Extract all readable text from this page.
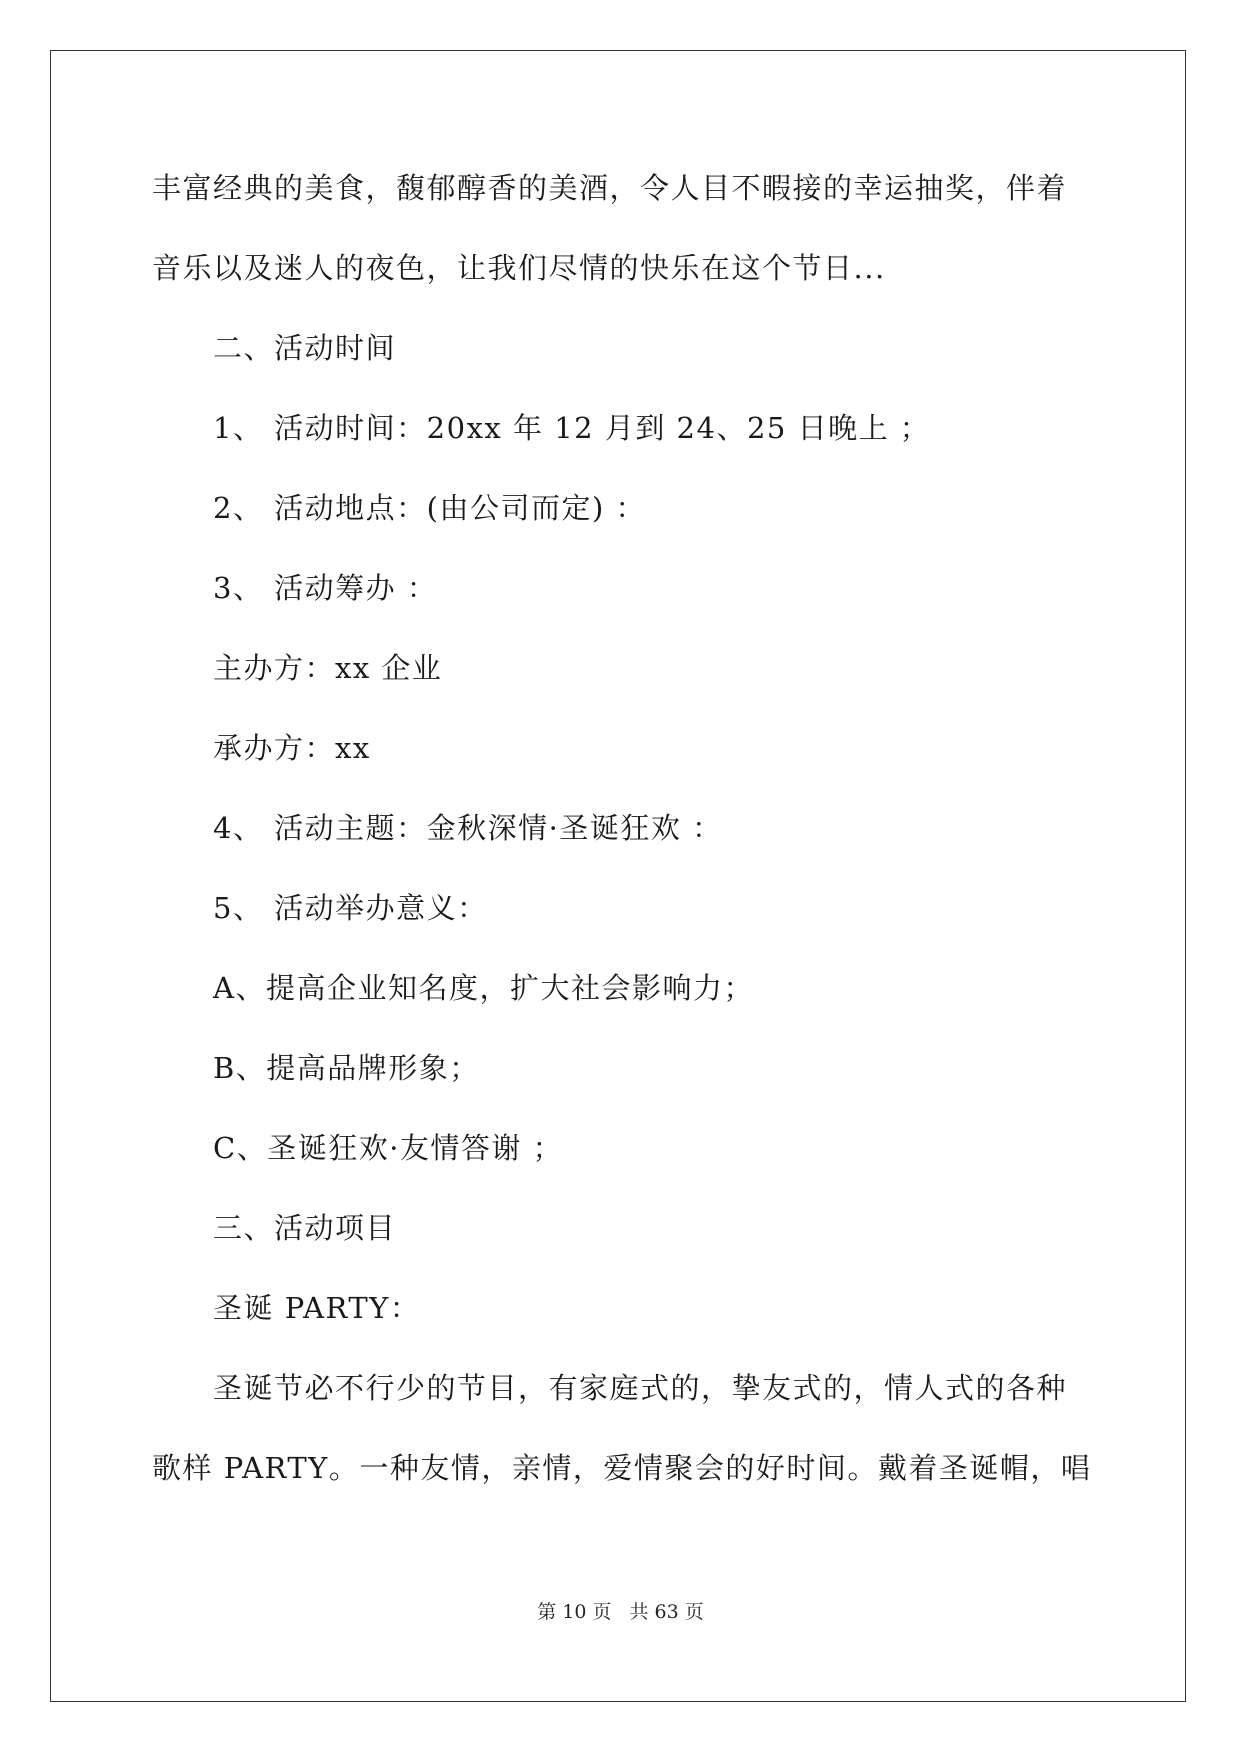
丰富经典的美食，馥郁醇香的美酒，令人目不暇接的幸运抽奖，伴着
音乐以及迷人的夜色，让我们尽情的快乐在这个节日...
二、活动时间
1、 活动时间：20xx 年 12 月到 24、25 日晚上 ；
2、 活动地点：(由公司而定) ：
3、 活动筹办 ：
主办方：xx 企业
承办方：xx
4、 活动主题：金秋深情·圣诞狂欢 ：
5、 活动举办意义：
A、提高企业知名度，扩大社会影响力；
B、提高品牌形象；
C、圣诞狂欢·友情答谢 ；
三、活动项目
圣诞 PARTY：
圣诞节必不行少的节目，有家庭式的，挚友式的，情人式的各种
歌样 PARTY。一种友情，亲情，爱情聚会的好时间。戴着圣诞帽，唱
第 10 页 共 63 页
